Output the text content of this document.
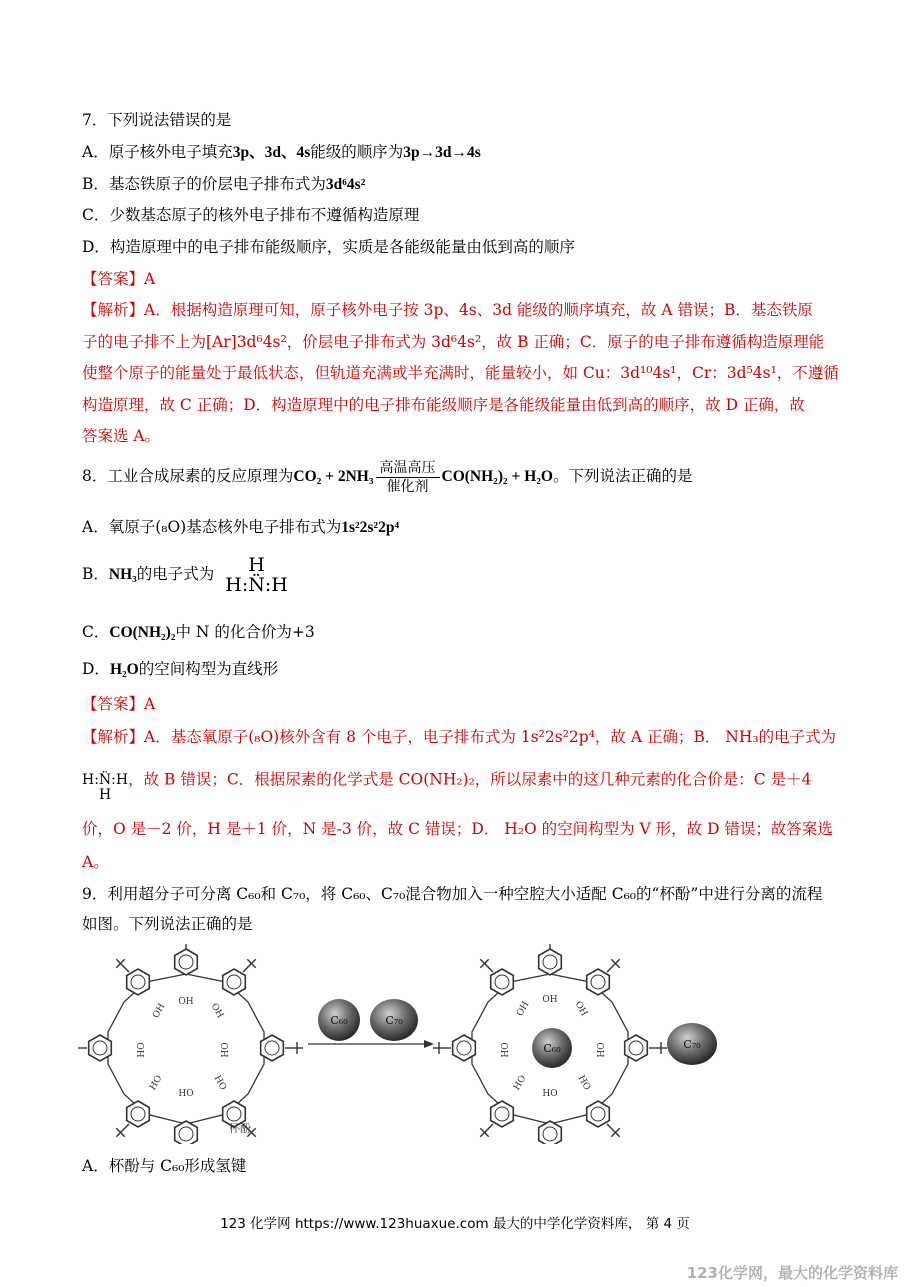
7．下列说法错误的是
A．原子核外电子填充3p、3d、4s能级的顺序为3p→3d→4s
B．基态铁原子的价层电子排布式为3d⁶4s²
C．少数基态原子的核外电子排布不遵循构造原理
D．构造原理中的电子排布能级顺序，实质是各能级能量由低到高的顺序
【答案】A
【解析】A．根据构造原理可知，原子核外电子按 3p、4s、3d 能级的顺序填充，故 A 错误；B．基态铁原
子的电子排不上为[Ar]3d⁶4s²，价层电子排布式为 3d⁶4s²，故 B 正确；C．原子的电子排布遵循构造原理能
使整个原子的能量处于最低状态，但轨道充满或半充满时，能量较小，如 Cu：3d¹⁰4s¹，Cr：3d⁵4s¹，不遵循
构造原理，故 C 正确；D．构造原理中的电子排布能级顺序是各能级能量由低到高的顺序，故 D 正确，故
答案选 A。
8．工业合成尿素的反应原理为$CO_2 + 2NH_3 \frac{\text{高温高压}}{\text{催化剂}} CO(NH_2)_2 + H_2O$。下列说法正确的是
A．氧原子(₈O)基态核外电子排布式为1s²2s²2p⁴
B．NH₃的电子式为	H
H:N̈:H
C．CO(NH₂)₂中 N 的化合价为+3
D．H₂O的空间构型为直线形
【答案】A
【解析】A．基态氧原子(₈O)核外含有 8 个电子，电子排布式为 1s²2s²2p⁴，故 A 正确；B． NH₃的电子式为

H:N̈:H
H
，故 B 错误；C．根据尿素的化学式是 CO(NH₂)₂，所以尿素中的这几种元素的化合价是：C 是＋4
价，O 是－2 价，H 是＋1 价，N 是-3 价，故 C 错误；D． H₂O 的空间构型为 V 形，故 D 错误；故答案选
A。
9．利用超分子可分离 C₆₀和 C₇₀，将 C₆₀、C₇₀混合物加入一种空腔大小适配 C₆₀的“杯酚”中进行分离的流程
如图。下列说法正确的是
OH
OH	OH
HO	HO
HO	HO
HO
杯酚
C₆₀	C₇₀
OH
OH	OH
HO	HO
HO	HO
HO
C₆₀	C₇₀
A．杯酚与 C₆₀形成氢键
123 化学网 https://www.123huaxue.com 最大的中学化学资料库， 第 4 页
123化学网，最大的化学资料库
